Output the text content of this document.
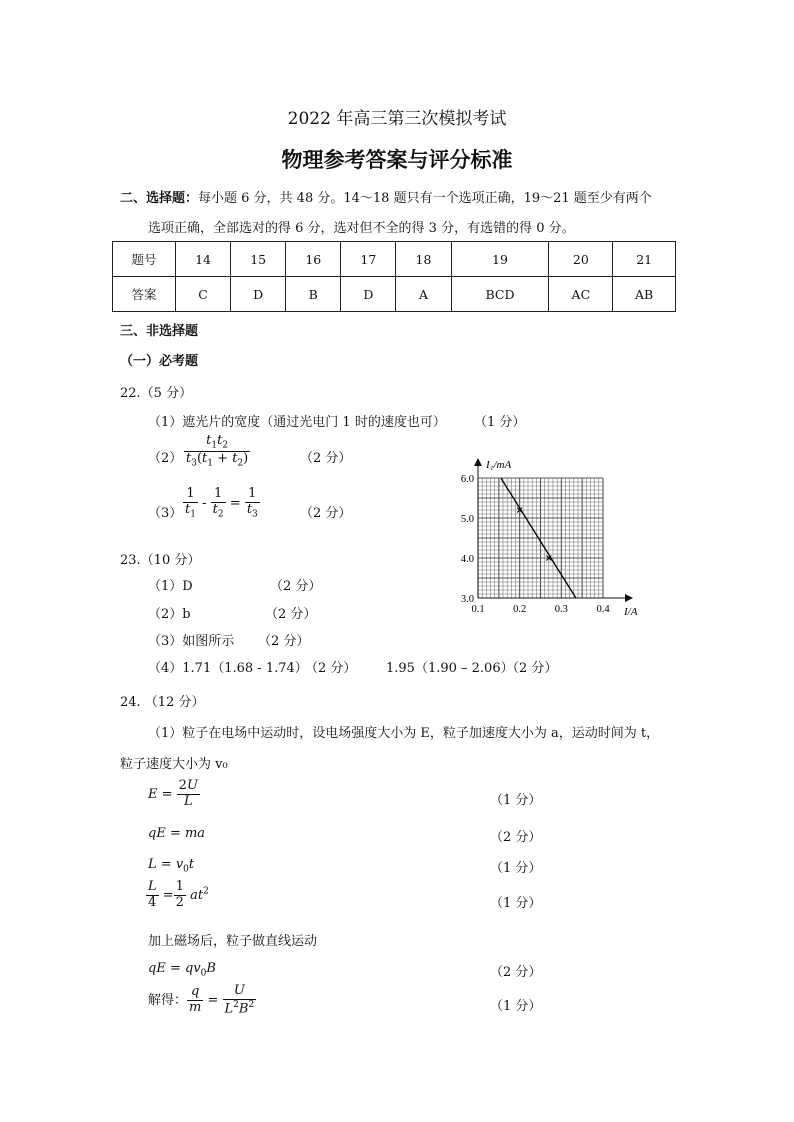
2022 年高三第三次模拟考试
物理参考答案与评分标准
二、选择题：每小题 6 分，共 48 分。14～18 题只有一个选项正确，19～21 题至少有两个
选项正确，全部选对的得 6 分，选对但不全的得 3 分，有选错的得 0 分。
题号	14	15	16	17	18	19	20	21
答案	C	D	B	D	A	BCD	AC	AB
三、非选择题
（一）必考题
22.（5 分）
（1）遮光片的宽度（通过光电门 1 时的速度也可） （1 分）
$(2) \frac{t_1t_2}{t_3(t_1 + t_2)}$	（2 分）
$(3) \frac{1}{t_1} - \frac{1}{t_2} = \frac{1}{t_3}$	（2 分）
I₁/mA
I/A
6.0
5.0
4.0
3.0
0.1	0.2	0.3	0.4
23.（10 分）
（1）D	（2 分）
（2）b	（2 分）
（3）如图所示 （2 分）
（4）1.71（1.68 - 1.74）
（2 分） 1.95（1.90 – 2.06）
（2 分）
24. （12 分）
（1）粒子在电场中运动时，设电场强度大小为 E，粒子加速度大小为 a，运动时间为 t，
粒子速度大小为 v₀
$E = \frac{2U}{L}$	（1 分）
qE = ma	（2 分）
$L = v_0t$	（1 分）
$\frac{L}{4} = \frac{1}{2} at^2$
（1 分）
加上磁场后，粒子做直线运动
qE = $qv_0B$	（2 分）
解得： $\frac{q}{m} = \frac{U}{L^2B^2}$	（1 分）
